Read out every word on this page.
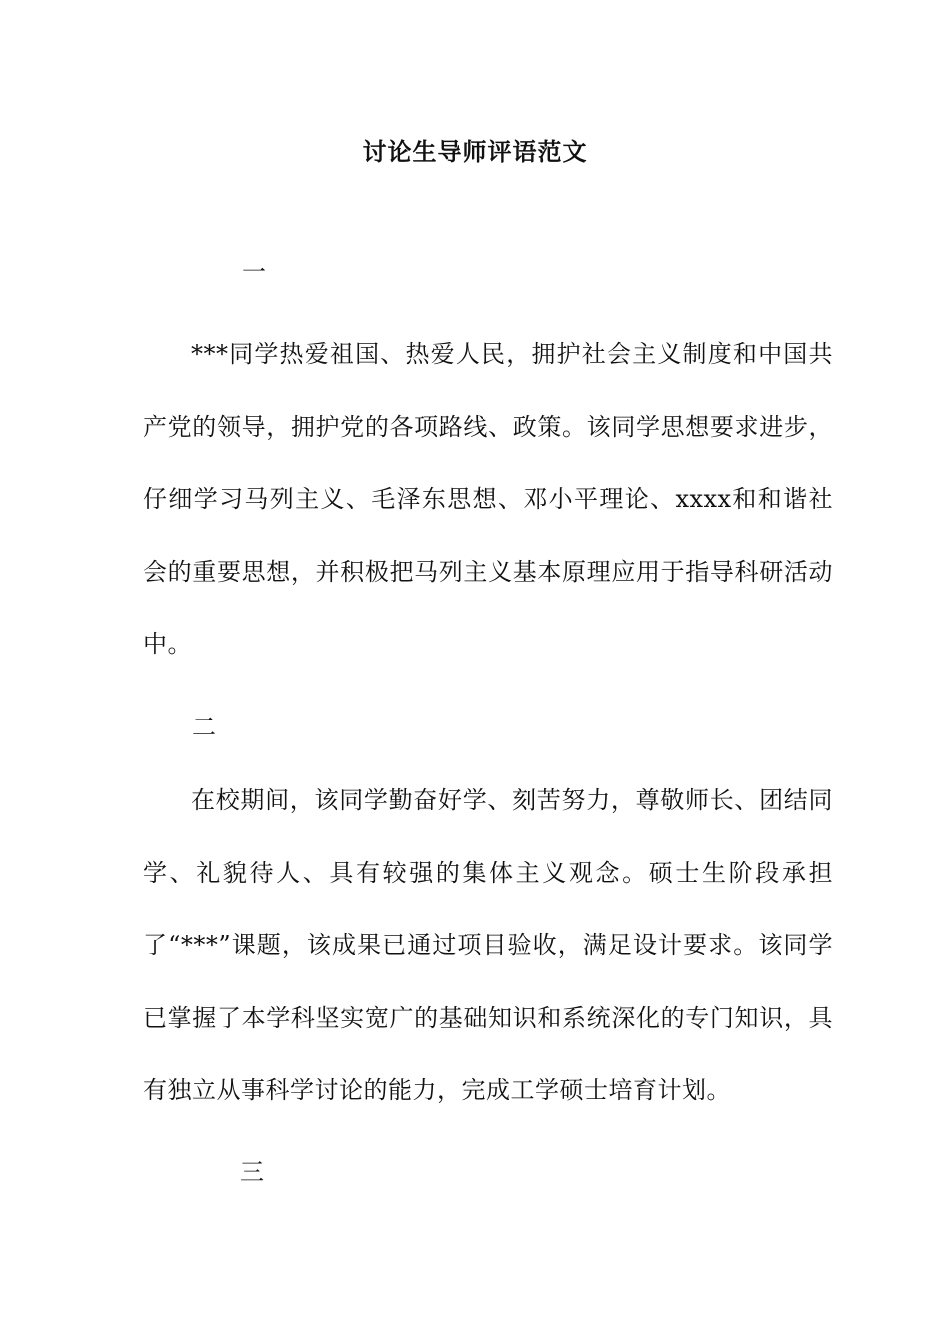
讨论生导师评语范文
一
***同学热爱祖国、热爱人民，拥护社会主义制度和中国共产党的领导，拥护党的各项路线、政策。该同学思想要求进步，仔细学习马列主义、毛泽东思想、邓小平理论、xxxx和和谐社会的重要思想，并积极把马列主义基本原理应用于指导科研活动中。
二
在校期间，该同学勤奋好学、刻苦努力，尊敬师长、团结同学、礼貌待人、具有较强的集体主义观念。硕士生阶段承担了“***”课题，该成果已通过项目验收，满足设计要求。该同学已掌握了本学科坚实宽广的基础知识和系统深化的专门知识，具有独立从事科学讨论的能力，完成工学硕士培育计划。
三
